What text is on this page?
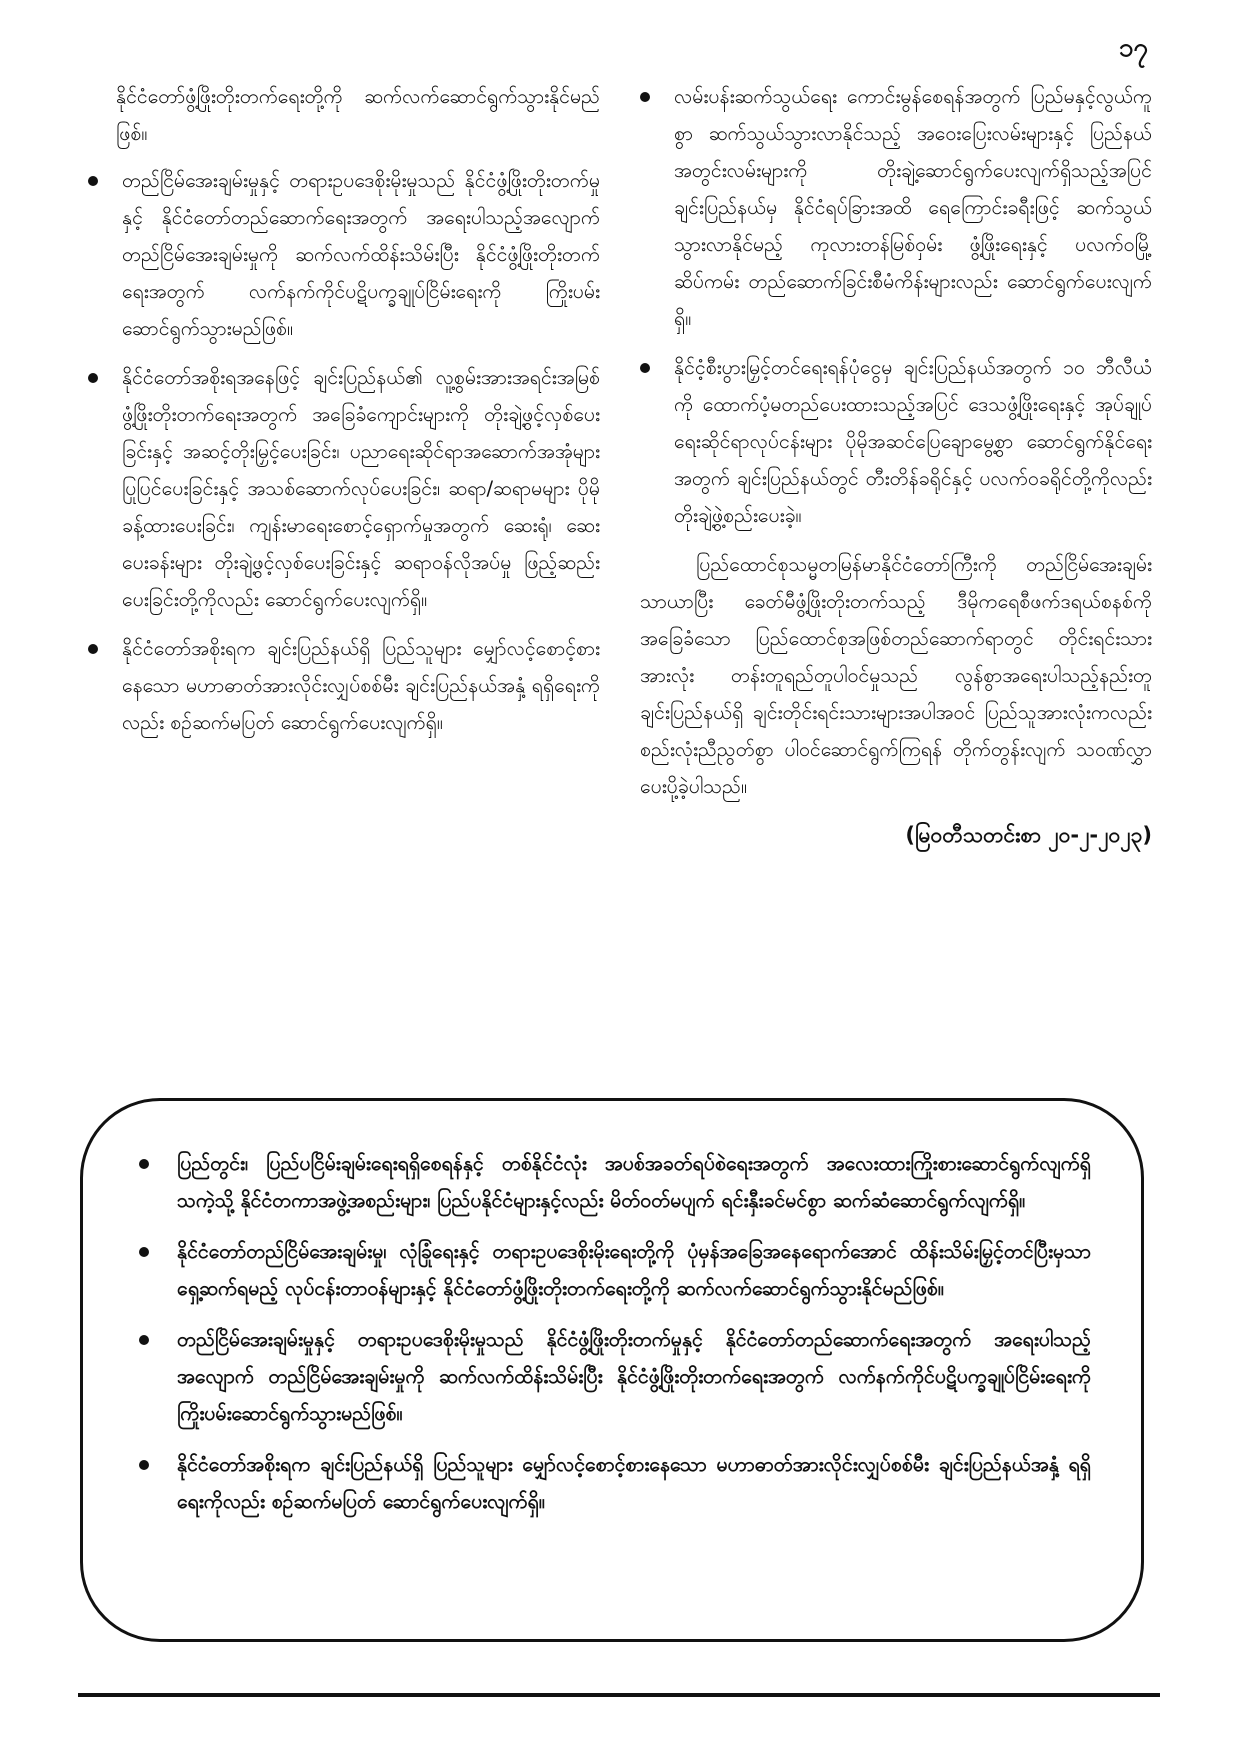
၁၇

နိုင်ငံတော်ဖွံ့ဖြိုးတိုးတက်ရေးတို့ကို ဆက်လက်ဆောင်ရွက်သွားနိုင်မည်ဖြစ်။

တည်ငြိမ်အေးချမ်းမှုနှင့် တရားဥပဒေစိုးမိုးမှုသည် နိုင်ငံဖွံ့ဖြိုးတိုးတက်မှုနှင့် နိုင်ငံတော်တည်ဆောက်ရေးအတွက် အရေးပါသည့်အလျောက် တည်ငြိမ်အေးချမ်းမှုကို ဆက်လက်ထိန်းသိမ်းပြီး နိုင်ငံဖွံ့ဖြိုးတိုးတက်ရေးအတွက် လက်နက်ကိုင်ပဋိပက္ခချုပ်ငြိမ်းရေးကို ကြိုးပမ်းဆောင်ရွက်သွားမည်ဖြစ်။
နိုင်ငံတော်အစိုးရအနေဖြင့် ချင်းပြည်နယ်၏ လူ့စွမ်းအားအရင်းအမြစ် ဖွံ့ဖြိုးတိုးတက်ရေးအတွက် အခြေခံကျောင်းများကို တိုးချဲ့ဖွင့်လှစ်ပေးခြင်းနှင့် အဆင့်တိုးမြှင့်ပေးခြင်း၊ ပညာရေးဆိုင်ရာအဆောက်အအုံများ ပြုပြင်ပေးခြင်းနှင့် အသစ်ဆောက်လုပ်ပေးခြင်း၊ ဆရာ/ဆရာမများ ပိုမိုခန့်ထားပေးခြင်း၊ ကျန်းမာရေးစောင့်ရှောက်မှုအတွက် ဆေးရုံ၊ ဆေးပေးခန်းများ တိုးချဲ့ဖွင့်လှစ်ပေးခြင်းနှင့် ဆရာဝန်လိုအပ်မှု ဖြည့်ဆည်းပေးခြင်းတို့ကိုလည်း ဆောင်ရွက်ပေးလျက်ရှိ။
နိုင်ငံတော်အစိုးရက ချင်းပြည်နယ်ရှိ ပြည်သူများ မျှော်လင့်စောင့်စားနေသော မဟာဓာတ်အားလိုင်းလျှပ်စစ်မီး ချင်းပြည်နယ်အနှံ့ ရရှိရေးကိုလည်း စဉ်ဆက်မပြတ် ဆောင်ရွက်ပေးလျက်ရှိ။
လမ်းပန်းဆက်သွယ်ရေး ကောင်းမွန်စေရန်အတွက် ပြည်မနှင့်လွယ်ကူစွာ ဆက်သွယ်သွားလာနိုင်သည့် အဝေးပြေးလမ်းများနှင့် ပြည်နယ်အတွင်းလမ်းများကို တိုးချဲ့ဆောင်ရွက်ပေးလျက်ရှိသည့်အပြင် ချင်းပြည်နယ်မှ နိုင်ငံရပ်ခြားအထိ ရေကြောင်းခရီးဖြင့် ဆက်သွယ်သွားလာနိုင်မည့် ကုလားတန်မြစ်ဝှမ်း ဖွံ့ဖြိုးရေးနှင့် ပလက်ဝမြို့ဆိပ်ကမ်း တည်ဆောက်ခြင်းစီမံကိန်းများလည်း ဆောင်ရွက်ပေးလျက်ရှိ။
နိုင်ငံ့စီးပွားမြှင့်တင်ရေးရန်ပုံငွေမှ ချင်းပြည်နယ်အတွက် ၁၀ ဘီလီယံကို ထောက်ပံ့မတည်ပေးထားသည့်အပြင် ဒေသဖွံ့ဖြိုးရေးနှင့် အုပ်ချုပ်ရေးဆိုင်ရာလုပ်ငန်းများ ပိုမိုအဆင်ပြေချောမွေ့စွာ ဆောင်ရွက်နိုင်ရေးအတွက် ချင်းပြည်နယ်တွင် တီးတိန်ခရိုင်နှင့် ပလက်ဝခရိုင်တို့ကိုလည်း တိုးချဲ့ဖွဲ့စည်းပေးခဲ့။

ပြည်ထောင်စုသမ္မတမြန်မာနိုင်ငံတော်ကြီးကို တည်ငြိမ်အေးချမ်းသာယာပြီး ခေတ်မီဖွံ့ဖြိုးတိုးတက်သည့် ဒီမိုကရေစီဖက်ဒရယ်စနစ်ကိုအခြေခံသော ပြည်ထောင်စုအဖြစ်တည်ဆောက်ရာတွင် တိုင်းရင်းသားအားလုံး တန်းတူရည်တူပါဝင်မှုသည် လွန်စွာအရေးပါသည့်နည်းတူ ချင်းပြည်နယ်ရှိ ချင်းတိုင်းရင်းသားများအပါအဝင် ပြည်သူအားလုံးကလည်း စည်းလုံးညီညွတ်စွာ ပါဝင်ဆောင်ရွက်ကြရန် တိုက်တွန်းလျက် သဝဏ်လွှာပေးပို့ခဲ့ပါသည်။

(မြဝတီသတင်းစာ ၂၀-၂-၂၀၂၃)
ပြည်တွင်း၊ ပြည်ပငြိမ်းချမ်းရေးရရှိစေရန်နှင့် တစ်နိုင်ငံလုံး အပစ်အခတ်ရပ်စဲရေးအတွက် အလေးထားကြိုးစားဆောင်ရွက်လျက်ရှိသကဲ့သို့ နိုင်ငံတကာအဖွဲ့အစည်းများ၊ ပြည်ပနိုင်ငံများနှင့်လည်း မိတ်ဝတ်မပျက် ရင်းနှီးခင်မင်စွာ ဆက်ဆံဆောင်ရွက်လျက်ရှိ။
နိုင်ငံတော်တည်ငြိမ်အေးချမ်းမှု၊ လုံခြုံရေးနှင့် တရားဥပဒေစိုးမိုးရေးတို့ကို ပုံမှန်အခြေအနေရောက်အောင် ထိန်းသိမ်းမြှင့်တင်ပြီးမှသာ ရှေ့ဆက်ရမည့် လုပ်ငန်းတာဝန်များနှင့် နိုင်ငံတော်ဖွံ့ဖြိုးတိုးတက်ရေးတို့ကို ဆက်လက်ဆောင်ရွက်သွားနိုင်မည်ဖြစ်။
တည်ငြိမ်အေးချမ်းမှုနှင့် တရားဥပဒေစိုးမိုးမှုသည် နိုင်ငံဖွံ့ဖြိုးတိုးတက်မှုနှင့် နိုင်ငံတော်တည်ဆောက်ရေးအတွက် အရေးပါသည့်အလျောက် တည်ငြိမ်အေးချမ်းမှုကို ဆက်လက်ထိန်းသိမ်းပြီး နိုင်ငံဖွံ့ဖြိုးတိုးတက်ရေးအတွက် လက်နက်ကိုင်ပဋိပက္ခချုပ်ငြိမ်းရေးကို ကြိုးပမ်းဆောင်ရွက်သွားမည်ဖြစ်။
နိုင်ငံတော်အစိုးရက ချင်းပြည်နယ်ရှိ ပြည်သူများ မျှော်လင့်စောင့်စားနေသော မဟာဓာတ်အားလိုင်းလျှပ်စစ်မီး ချင်းပြည်နယ်အနှံ့ ရရှိရေးကိုလည်း စဉ်ဆက်မပြတ် ဆောင်ရွက်ပေးလျက်ရှိ။
